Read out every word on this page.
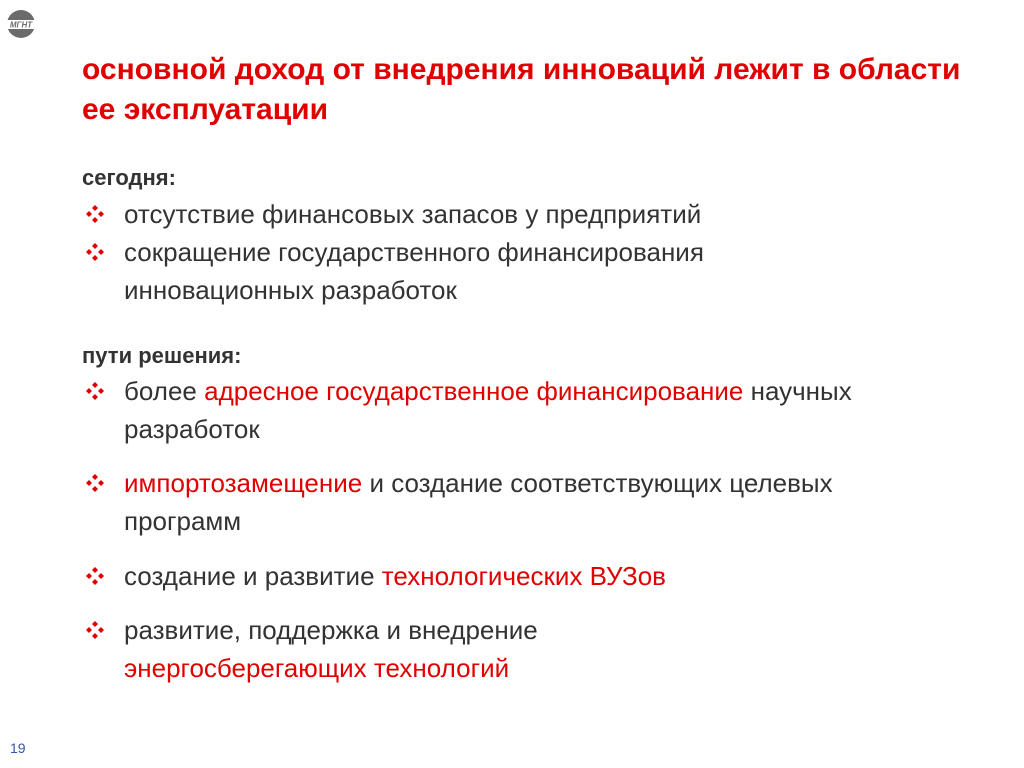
МГНТ
основной доход от внедрения инноваций лежит в области ее эксплуатации
сегодня:
отсутствие финансовых запасов у предприятий
сокращение государственного финансирования инновационных разработок
пути решения:
более адресное государственное финансирование научных разработок
импортозамещение и создание соответствующих целевых программ
создание и развитие технологических ВУЗов
развитие, поддержка и внедрение энергосберегающих технологий
19
